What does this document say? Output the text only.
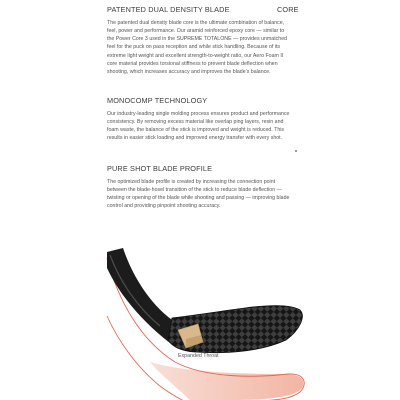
PATENTED DUAL DENSITY BLADE	CORE
The patented dual density blade core is the ultimate combination of balance, feel, power and performance. Our aramid reinforced epoxy core — similar to the Power Core 3 used in the SUPREME TOTALONE — provides unmatched feel for the puck on pass reception and while stick handling. Because of its extreme light weight and excellent strength-to-weight ratio, our Aero Foam II core material provides torsional stiffness to prevent blade deflection when shooting, which increases accuracy and improves the blade’s balance.
MONOCOMP TECHNOLOGY
Our industry-leading single molding process ensures product and performance consistency. By removing excess material like overlap ping layers, resin and foam waste, the balance of the stick is improved and weight is reduced. This results in easier stick loading and improved energy transfer with every shot.
PURE SHOT BLADE PROFILE
The optimized blade profile is created by increasing the connection point between the blade-hosel transition of the stick to reduce blade deflection — twisting or opening of the blade while shooting and passing — improving blade control and providing pinpoint shooting accuracy.
Expanded Throat
